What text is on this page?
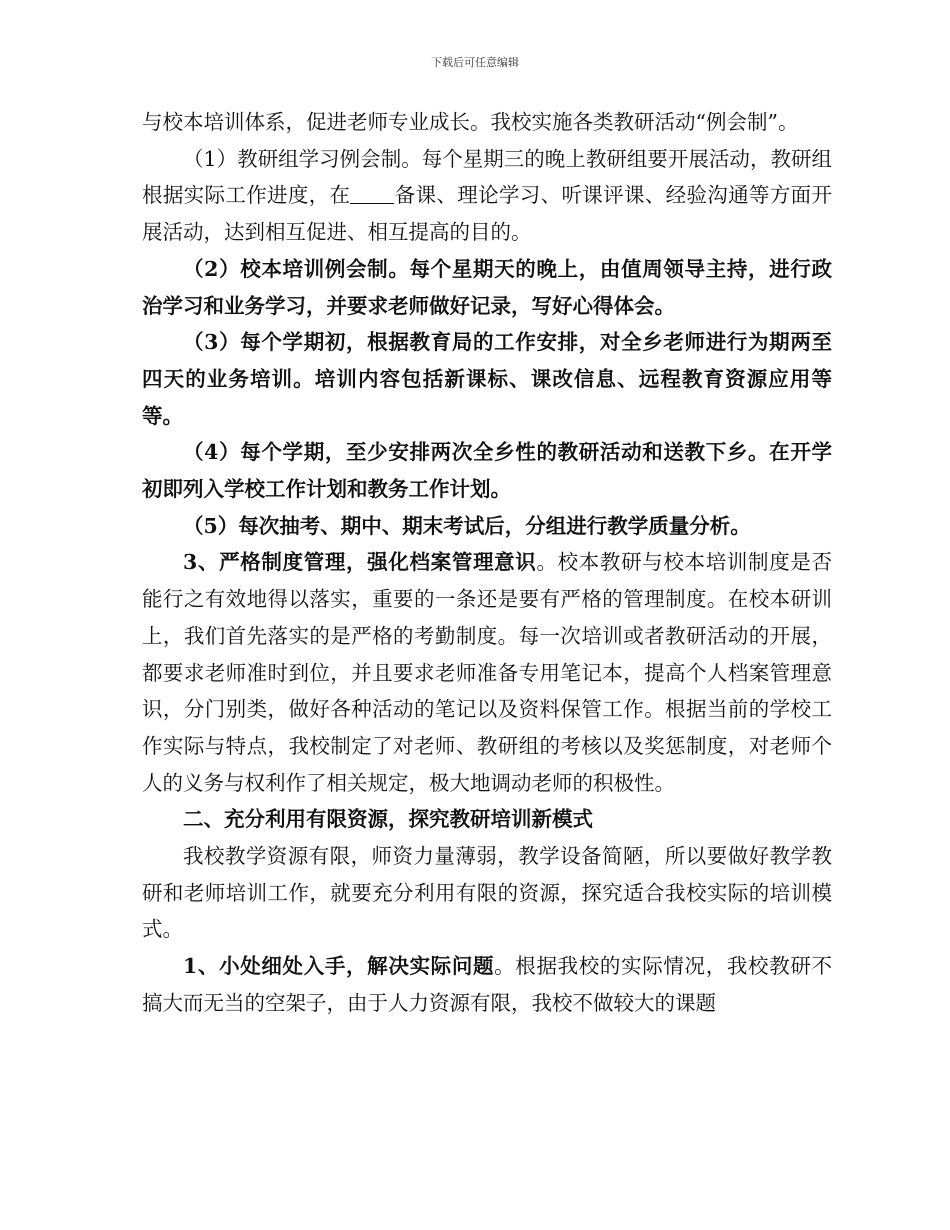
下载后可任意编辑

与校本培训体系，促进老师专业成长。我校实施各类教研活动“例会制”。

（1）教研组学习例会制。每个星期三的晚上教研组要开展活动，教研组根据实际工作进度，在 备课、理论学习、听课评课、经验沟通等方面开展活动，达到相互促进、相互提高的目的。

（2）校本培训例会制。每个星期天的晚上，由值周领导主持，进行政治学习和业务学习，并要求老师做好记录，写好心得体会。

（3）每个学期初，根据教育局的工作安排，对全乡老师进行为期两至四天的业务培训。培训内容包括新课标、课改信息、远程教育资源应用等等。

（4）每个学期，至少安排两次全乡性的教研活动和送教下乡。在开学初即列入学校工作计划和教务工作计划。

（5）每次抽考、期中、期末考试后，分组进行教学质量分析。

3、严格制度管理，强化档案管理意识。校本教研与校本培训制度是否能行之有效地得以落实，重要的一条还是要有严格的管理制度。在校本研训上，我们首先落实的是严格的考勤制度。每一次培训或者教研活动的开展，都要求老师准时到位，并且要求老师准备专用笔记本，提高个人档案管理意识，分门别类，做好各种活动的笔记以及资料保管工作。根据当前的学校工作实际与特点，我校制定了对老师、教研组的考核以及奖惩制度，对老师个人的义务与权利作了相关规定，极大地调动老师的积极性。

二、充分利用有限资源，探究教研培训新模式

我校教学资源有限，师资力量薄弱，教学设备简陋，所以要做好教学教研和老师培训工作，就要充分利用有限的资源，探究适合我校实际的培训模式。

1、小处细处入手，解决实际问题。根据我校的实际情况，我校教研不搞大而无当的空架子，由于人力资源有限，我校不做较大的课题
